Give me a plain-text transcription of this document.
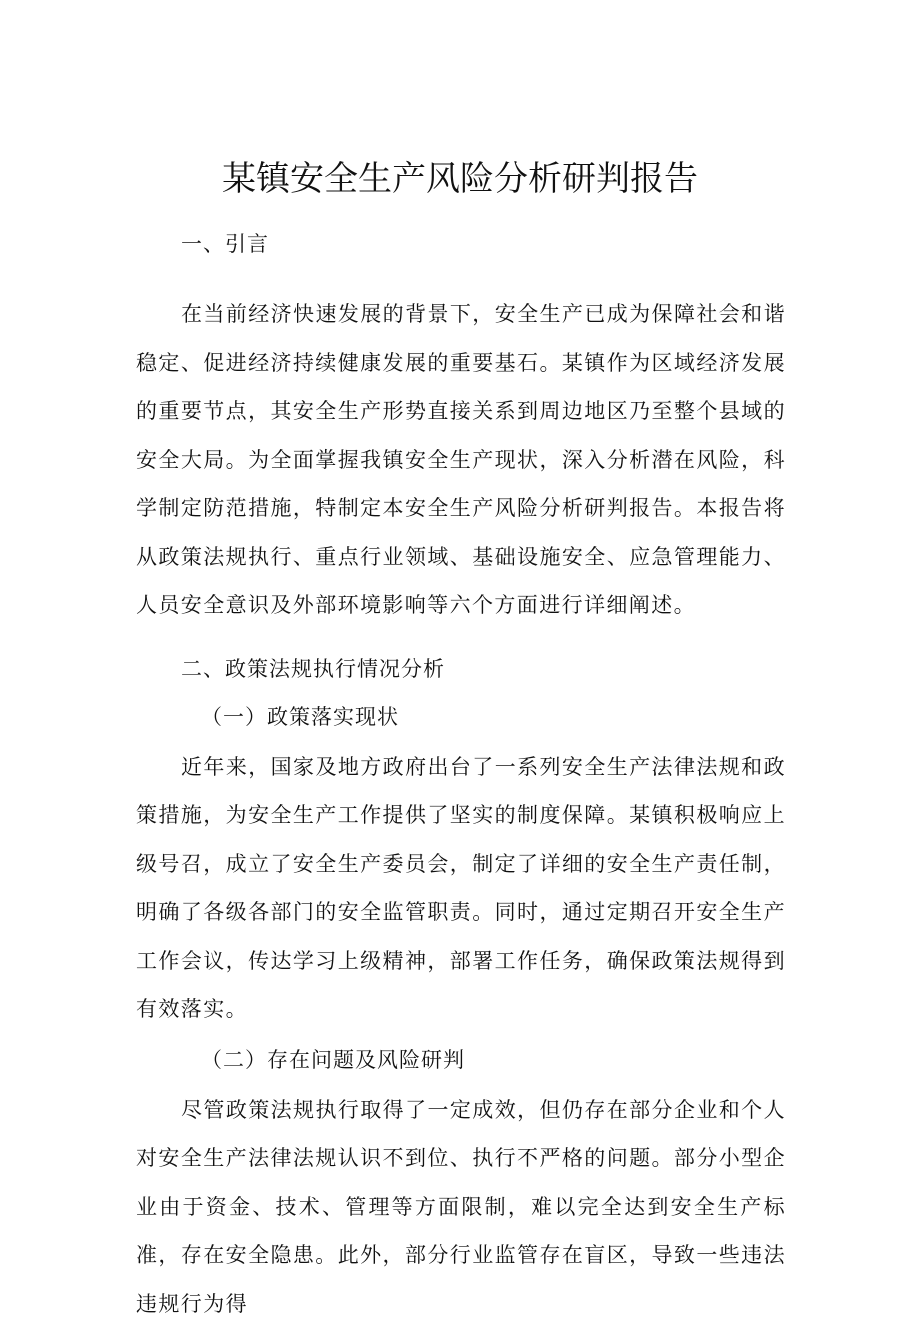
某镇安全生产风险分析研判报告

一、引言

在当前经济快速发展的背景下，安全生产已成为保障社会和谐稳定、促进经济持续健康发展的重要基石。某镇作为区域经济发展的重要节点，其安全生产形势直接关系到周边地区乃至整个县域的安全大局。为全面掌握我镇安全生产现状，深入分析潜在风险，科学制定防范措施，特制定本安全生产风险分析研判报告。本报告将从政策法规执行、重点行业领域、基础设施安全、应急管理能力、人员安全意识及外部环境影响等六个方面进行详细阐述。

二、政策法规执行情况分析

（一）政策落实现状

近年来，国家及地方政府出台了一系列安全生产法律法规和政策措施，为安全生产工作提供了坚实的制度保障。某镇积极响应上级号召，成立了安全生产委员会，制定了详细的安全生产责任制，明确了各级各部门的安全监管职责。同时，通过定期召开安全生产工作会议，传达学习上级精神，部署工作任务，确保政策法规得到有效落实。

（二）存在问题及风险研判

尽管政策法规执行取得了一定成效，但仍存在部分企业和个人对安全生产法律法规认识不到位、执行不严格的问题。部分小型企业由于资金、技术、管理等方面限制，难以完全达到安全生产标准，存在安全隐患。此外，部分行业监管存在盲区，导致一些违法违规行为得
